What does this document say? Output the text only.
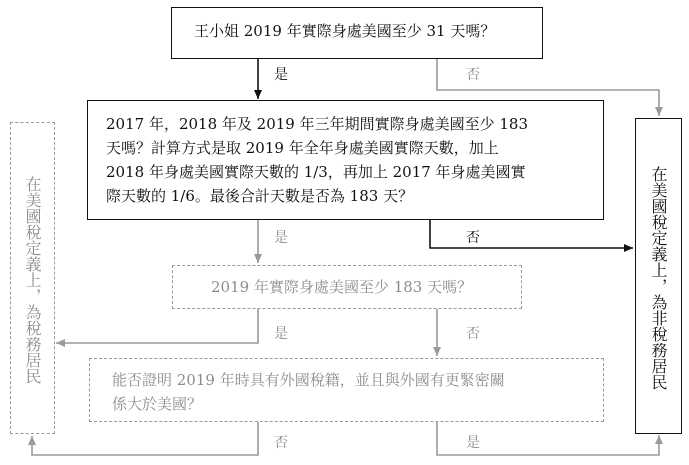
王小姐 2019 年實際身處美國至少 31 天嗎？
2017 年，2018 年及 2019 年三年期間實際身處美國至少 183
天嗎？計算方式是取 2019 年全年身處美國實際天數，加上
2018 年身處美國實際天數的 1/3，再加上 2017 年身處美國實
際天數的 1/6。最後合計天數是否為 183 天？
2019 年實際身處美國至少 183 天嗎？
能否證明 2019 年時具有外國稅籍，並且與外國有更緊密關
係大於美國？
在美國稅定義上，為稅務居民	在美國稅定義上，為非稅務居民
是	否
是	否
是	否
否	是
